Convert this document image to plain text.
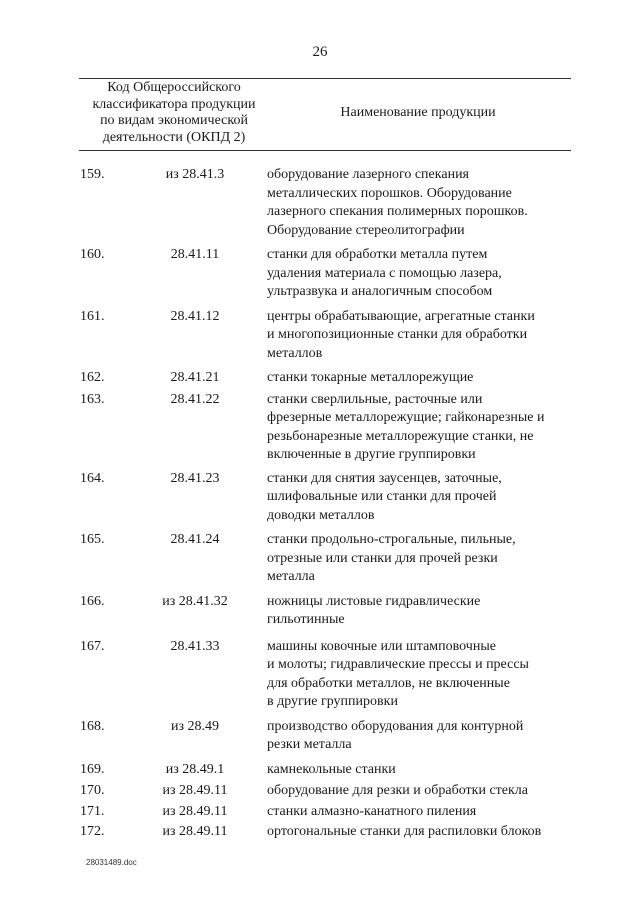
26
Код Общероссийского
классификатора продукции
по видам экономической
деятельности (ОКПД 2)
Наименование продукции
159.	из 28.41.3	оборудование лазерного спекания
металлических порошков. Оборудование
лазерного спекания полимерных порошков.
Оборудование стереолитографии
160.	28.41.11	станки для обработки металла путем
удаления материала с помощью лазера,
ультразвука и аналогичным способом
161.	28.41.12	центры обрабатывающие, агрегатные станки
и многопозиционные станки для обработки
металлов
162.	28.41.21	станки токарные металлорежущие
163.	28.41.22	станки сверлильные, расточные или
фрезерные металлорежущие; гайконарезные и
резьбонарезные металлорежущие станки, не
включенные в другие группировки
164.	28.41.23	станки для снятия заусенцев, заточные,
шлифовальные или станки для прочей
доводки металлов
165.	28.41.24	станки продольно-строгальные, пильные,
отрезные или станки для прочей резки
металла
166.	из 28.41.32	ножницы листовые гидравлические
гильотинные
167.	28.41.33	машины ковочные или штамповочные
и молоты; гидравлические прессы и прессы
для обработки металлов, не включенные
в другие группировки
168.	из 28.49	производство оборудования для контурной
резки металла
169.	из 28.49.1	камнекольные станки
170.	из 28.49.11	оборудование для резки и обработки стекла
171.	из 28.49.11	станки алмазно-канатного пиления
172.	из 28.49.11	ортогональные станки для распиловки блоков
28031489.doc
